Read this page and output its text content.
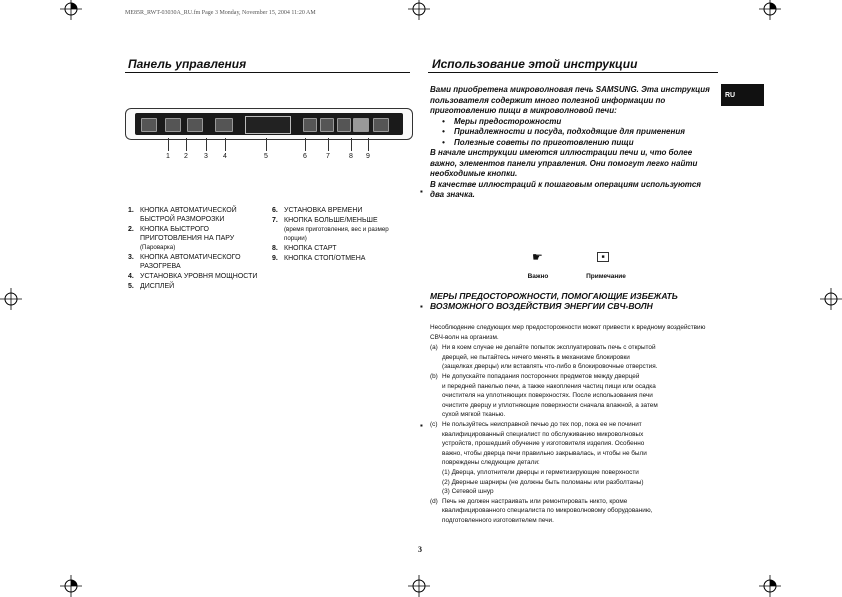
ME85R_RWT-03030A_RU.fm Page 3 Monday, November 15, 2004 11:20 AM
Панель управления
1	2	3	4	5	6	7	8	9
1. КНОПКА АВТОМАТИЧЕСКОЙ БЫСТРОЙ РАЗМОРОЗКИ
2. КНОПКА БЫСТРОГО ПРИГОТОВЛЕНИЯ НА ПАРУ
(Пароварка)
3. КНОПКА АВТОМАТИЧЕСКОГО РАЗОГРЕВА
4. УСТАНОВКА УРОВНЯ МОЩНОСТИ
5. ДИСПЛЕЙ
6. УСТАНОВКА ВРЕМЕНИ
7. КНОПКА БОЛЬШЕ/МЕНЬШЕ
(время приготовления, вес и размер порции)
8. КНОПКА СТАРТ
9. КНОПКА СТОП/ОТМЕНА
Использование этой инструкции
RU

Вами приобретена микроволновая печь SAMSUNG. Эта инструкция пользователя содержит много полезной информации по приготовлению пищи в микроволновой печи:

• Меры предосторожности
• Принадлежности и посуда, подходящие для применения
• Полезные советы по приготовлению пищи

В начале инструкции имеются иллюстрации печи и, что более важно, элементов панели управления. Они помогут легко найти необходимые кнопки.

В качестве иллюстраций к пошаговым операциям используются два значка.

▪
▪
▪
☛	■
Важно	Примечание
МЕРЫ ПРЕДОСТОРОЖНОСТИ, ПОМОГАЮЩИЕ ИЗБЕЖАТЬ ВОЗМОЖНОГО ВОЗДЕЙСТВИЯ ЭНЕРГИИ СВЧ-ВОЛН
Несоблюдение следующих мер предосторожности может привести к вредному воздействию СВЧ-волн на организм.
(a) Ни в коем случае не делайте попыток эксплуатировать печь с открытой
дверцей, не пытайтесь ничего менять в механизме блокировки
(защелках дверцы) или вставлять что-либо в блокировочные отверстия.
(b) Не допускайте попадания посторонних предметов между дверцей
и передней панелью печи, а также накопления частиц пищи или осадка
очистителя на уплотняющих поверхностях. После использования печи
очистите дверцу и уплотняющие поверхности сначала влажной, а затем
сухой мягкой тканью.
(c) Не пользуйтесь неисправной печью до тех пор, пока ее не починит
квалифицированный специалист по обслуживанию микроволновых
устройств, прошедший обучение у изготовителя изделия. Особенно
важно, чтобы дверца печи правильно закрывалась, и чтобы не были
повреждены следующие детали:
(1) Дверца, уплотнители дверцы и герметизирующие поверхности
(2) Дверные шарниры (не должны быть поломаны или разболтаны)
(3) Сетевой шнур
(d) Печь не должен настраивать или ремонтировать никто, кроме
квалифицированного специалиста по микроволновому оборудованию,
подготовленного изготовителем печи.
3
